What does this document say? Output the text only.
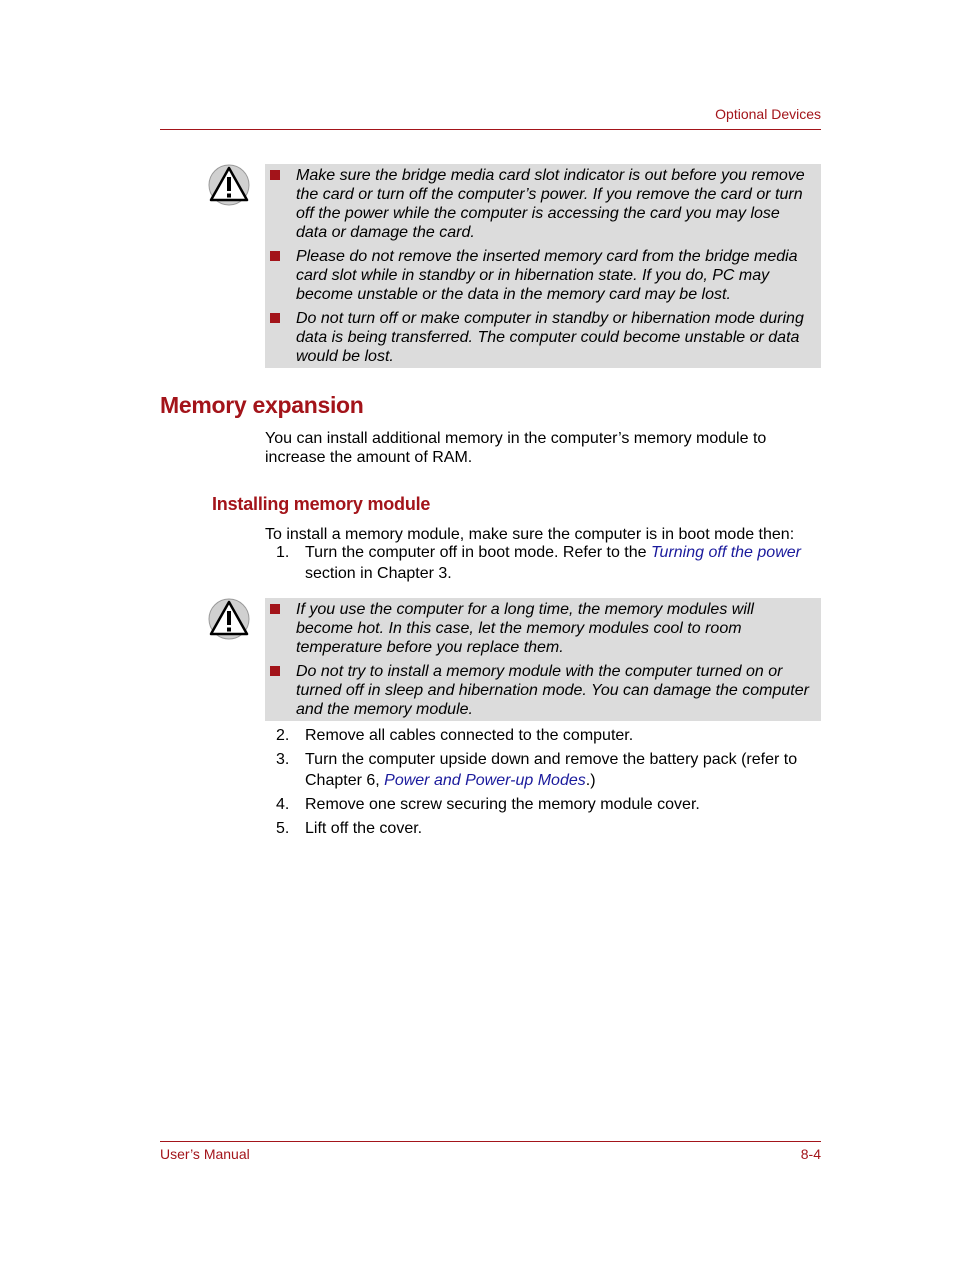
Optional Devices
Make sure the bridge media card slot indicator is out before you remove the card or turn off the computer’s power. If you remove the card or turn off the power while the computer is accessing the card you may lose data or damage the card.
Please do not remove the inserted memory card from the bridge media card slot while in standby or in hibernation state. If you do, PC may become unstable or the data in the memory card may be lost.
Do not turn off or make computer in standby or hibernation mode during data is being transferred. The computer could become unstable or data would be lost.
Memory expansion

You can install additional memory in the computer’s memory module to increase the amount of RAM.

Installing memory module

To install a memory module, make sure the computer is in boot mode then:

1. Turn the computer off in boot mode. Refer to the Turning off the power section in Chapter 3.
If you use the computer for a long time, the memory modules will become hot. In this case, let the memory modules cool to room temperature before you replace them.
Do not try to install a memory module with the computer turned on or turned off in sleep and hibernation mode. You can damage the computer and the memory module.
2. Remove all cables connected to the computer.
3. Turn the computer upside down and remove the battery pack (refer to Chapter 6, Power and Power-up Modes.)
4. Remove one screw securing the memory module cover.
5. Lift off the cover.
User’s Manual	8-4
